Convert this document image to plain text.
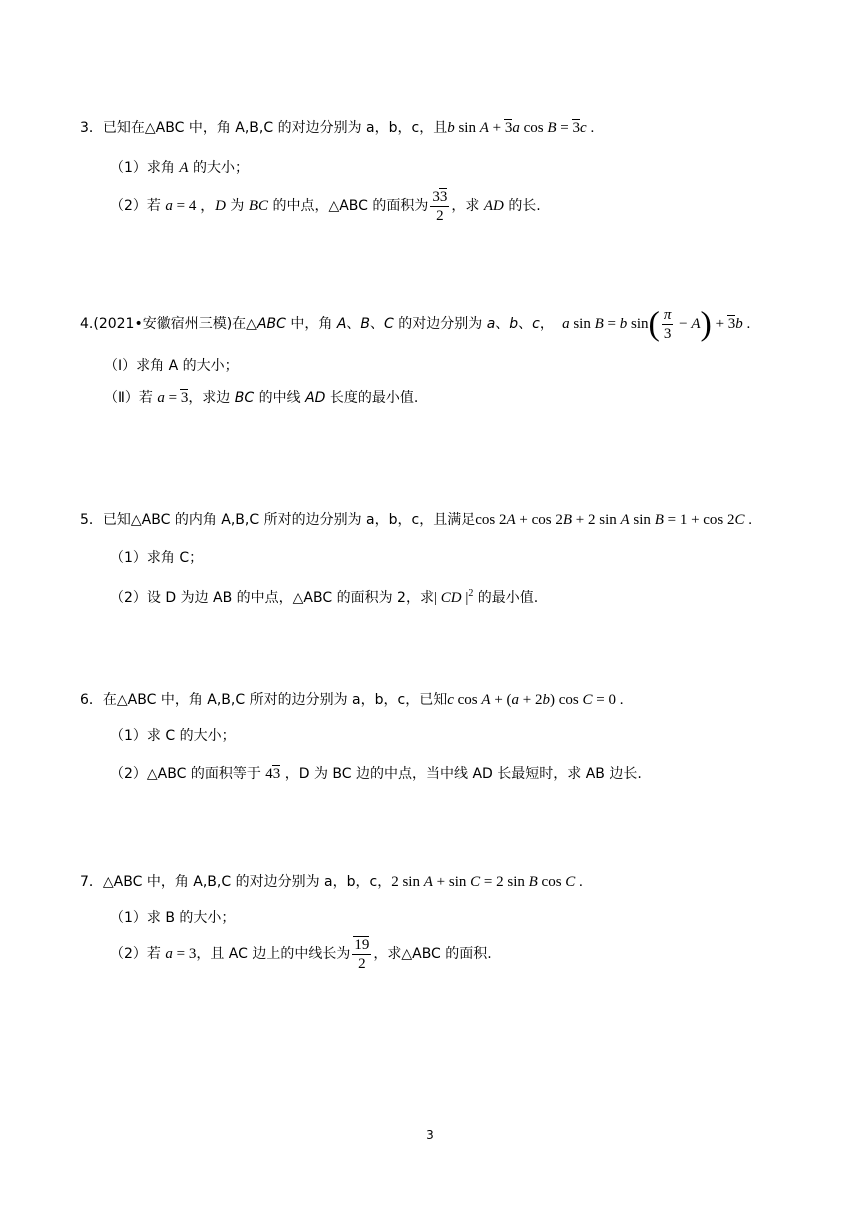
3．已知在△ABC 中，角 A,B,C 的对边分别为 a，b，c，且b sin A + 3a cos B = 3c .
（1）求角 A 的大小；
（2）若 a = 4 ，D 为 BC 的中点，△ABC 的面积为 $\frac{33}{2}$ ，求 AD 的长.
4.(2021•安徽宿州三模)在△ABC 中，角 A、B、C 的对边分别为 a、b、c，  a sin B = b $\sin( \frac{\pi}{3} - A) + 3b$ .
（Ⅰ）求角 A 的大小；
（Ⅱ）若 a = 3，求边 BC 的中线 AD 长度的最小值.
5．已知△ABC 的内角 A,B,C 所对的边分别为 a，b，c，且满足cos 2A + cos 2B + 2 sin A sin B = 1 + cos 2C .
（1）求角 C；
（2）设 D 为边 AB 的中点，△ABC 的面积为 2，求| CD $|^2$ 的最小值.
6．在△ABC 中，角 A,B,C 所对的边分别为 a，b，c，已知c cos A + (a + 2b) cos C = 0 .
（1）求 C 的大小；
（2）△ABC 的面积等于 43 ，D 为 BC 边的中点，当中线 AD 长最短时，求 AB 边长.
7．△ABC 中，角 A,B,C 的对边分别为 a，b，c，2 sin A + sin C = 2 sin B cos C .
（1）求 B 的大小；
（2）若 a = 3，且 AC 边上的中线长为 $\frac{19}{2}$ ，求△ABC 的面积.
3
